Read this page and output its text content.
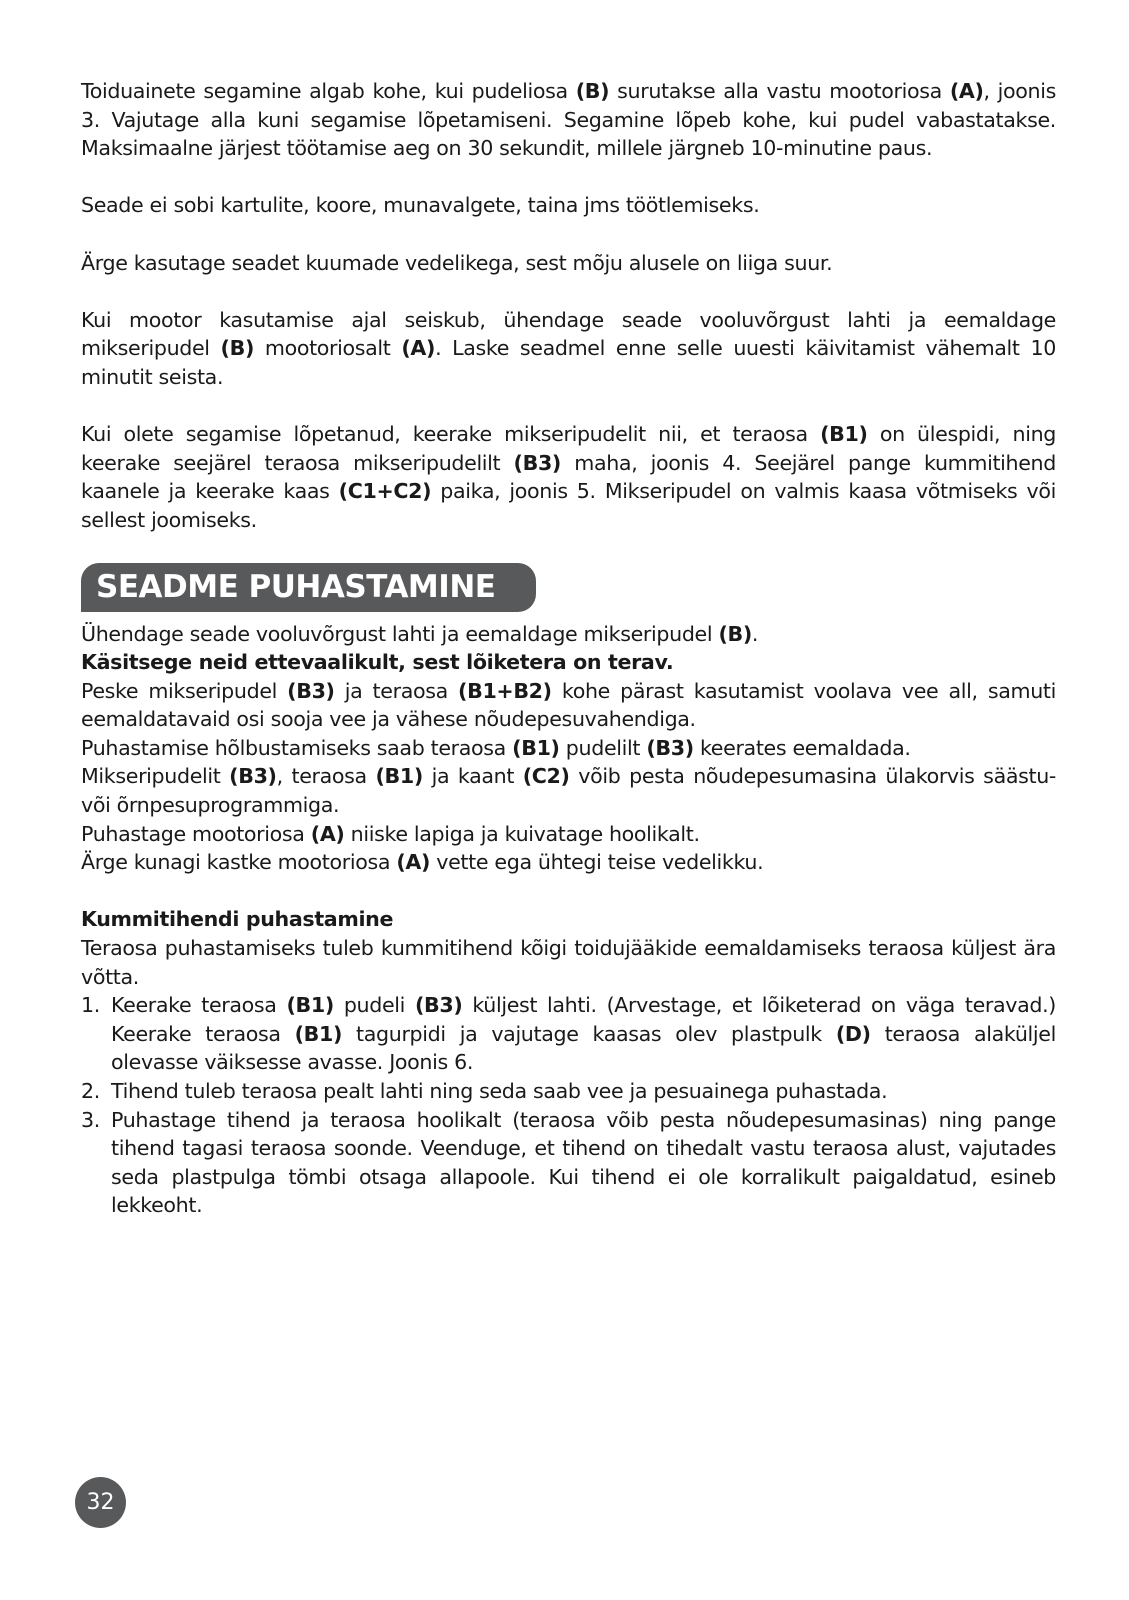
Toiduainete segamine algab kohe, kui pudeliosa (B) surutakse alla vastu mootoriosa (A), joonis 3. Vajutage alla kuni segamise lõpetamiseni. Segamine lõpeb kohe, kui pudel vabastatakse. Maksimaalne järjest töötamise aeg on 30 sekundit, millele järgneb 10-minutine paus.

Seade ei sobi kartulite, koore, munavalgete, taina jms töötlemiseks.

Ärge kasutage seadet kuumade vedelikega, sest mõju alusele on liiga suur.

Kui mootor kasutamise ajal seiskub, ühendage seade vooluvõrgust lahti ja eemaldage mikseripudel (B) mootoriosalt (A). Laske seadmel enne selle uuesti käivitamist vähemalt 10 minutit seista.

Kui olete segamise lõpetanud, keerake mikseripudelit nii, et teraosa (B1) on ülespidi, ning keerake seejärel teraosa mikseripudelilt (B3) maha, joonis 4. Seejärel pange kummitihend kaanele ja keerake kaas (C1+C2) paika, joonis 5. Mikseripudel on valmis kaasa võtmiseks või sellest joomiseks.

SEADME PUHASTAMINE

Ühendage seade vooluvõrgust lahti ja eemaldage mikseripudel (B).

Käsitsege neid ettevaalikult, sest lõiketera on terav.

Peske mikseripudel (B3) ja teraosa (B1+B2) kohe pärast kasutamist voolava vee all, samuti eemaldatavaid osi sooja vee ja vähese nõudepesuvahendiga.

Puhastamise hõlbustamiseks saab teraosa (B1) pudelilt (B3) keerates eemaldada.

Mikseripudelit (B3), teraosa (B1) ja kaant (C2) võib pesta nõudepesumasina ülakorvis säästu- või õrnpesuprogrammiga.

Puhastage mootoriosa (A) niiske lapiga ja kuivatage hoolikalt.

Ärge kunagi kastke mootoriosa (A) vette ega ühtegi teise vedelikku.

Kummitihendi puhastamine

Teraosa puhastamiseks tuleb kummitihend kõigi toidujääkide eemaldamiseks teraosa küljest ära võtta.

1. Keerake teraosa (B1) pudeli (B3) küljest lahti. (Arvestage, et lõiketerad on väga teravad.) Keerake teraosa (B1) tagurpidi ja vajutage kaasas olev plastpulk (D) teraosa alaküljel olevasse väiksesse avasse. Joonis 6.
2. Tihend tuleb teraosa pealt lahti ning seda saab vee ja pesuainega puhastada.
3. Puhastage tihend ja teraosa hoolikalt (teraosa võib pesta nõudepesumasinas) ning pange tihend tagasi teraosa soonde. Veenduge, et tihend on tihedalt vastu teraosa alust, vajutades seda plastpulga tömbi otsaga allapoole. Kui tihend ei ole korralikult paigaldatud, esineb lekkeoht.
32
